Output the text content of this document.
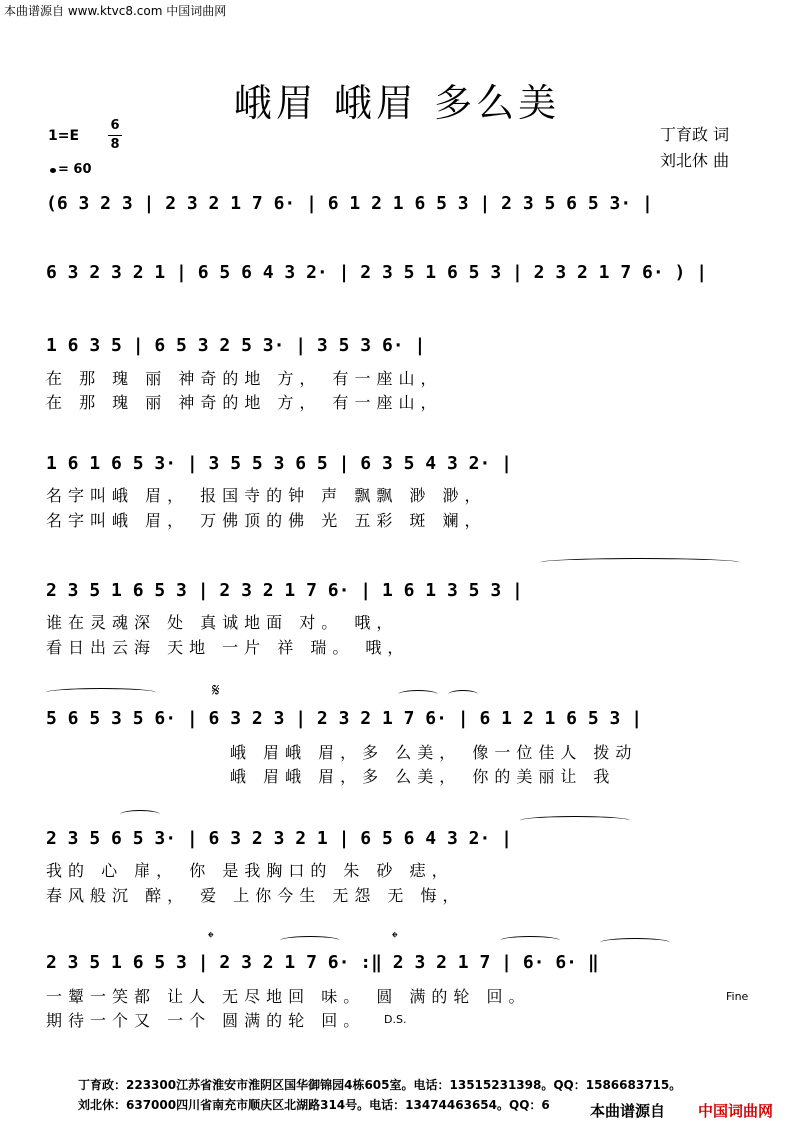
本曲谱源自 www.ktvc8.com 中国词曲网
峨眉 峨眉 多么美
1=E
6
8
= 60
丁育政 词
刘北休 曲
(6 3 2 3 | 2 3 2 1 7 6· | 6 1 2 1 6 5 3 | 2 3 5 6 5 3· |
6 3 2 3 2 1 | 6 5 6 4 3 2· | 2 3 5 1 6 5 3 | 2 3 2 1 7 6· ) |
1 6 3 5 | 6 5 3 2 5 3· | 3 5 3 6· |
在 那 瑰 丽 神奇的地 方， 有一座山，
在 那 瑰 丽 神奇的地 方， 有一座山，
1 6 1 6 5 3· | 3 5 5 3 6 5 | 6 3 5 4 3 2· |
名字叫峨 眉， 报国寺的钟 声 飘飘 渺 渺，
名字叫峨 眉， 万佛顶的佛 光 五彩 斑 斓，
2 3 5 1 6 5 3 | 2 3 2 1 7 6· | 1 6 1 3 5 3 |
谁在灵魂深 处 真诚地面 对。 哦，
看日出云海 天地 一片 祥 瑞。 哦，
𝄋
5 6 5 3 5 6· | 6 3 2 3 | 2 3 2 1 7 6· | 6 1 2 1 6 5 3 |
峨 眉峨 眉，多 么美， 像一位佳人 拨动
峨 眉峨 眉，多 么美， 你的美丽让 我
2 3 5 6 5 3· | 6 3 2 3 2 1 | 6 5 6 4 3 2· |
我的 心 扉， 你 是我胸口的 朱 砂 痣，
春风般沉 醉， 爱 上你今生 无怨 无 悔，
𝄌	𝄌
2 3 5 1 6 5 3 | 2 3 2 1 7 6· :‖ 2 3 2 1 7 | 6· 6· ‖
一颦一笑都 让人 无尽地回 味。 圆 满的轮 回。
期待一个又 一个 圆满的轮 回。
Fine
D.S.
丁育政：223300江苏省淮安市淮阴区国华御锦园4栋605室。电话：13515231398。QQ：1586683715。
刘北休：637000四川省南充市顺庆区北湖路314号。电话：13474463654。QQ：6	本曲谱源自 中国词曲网
